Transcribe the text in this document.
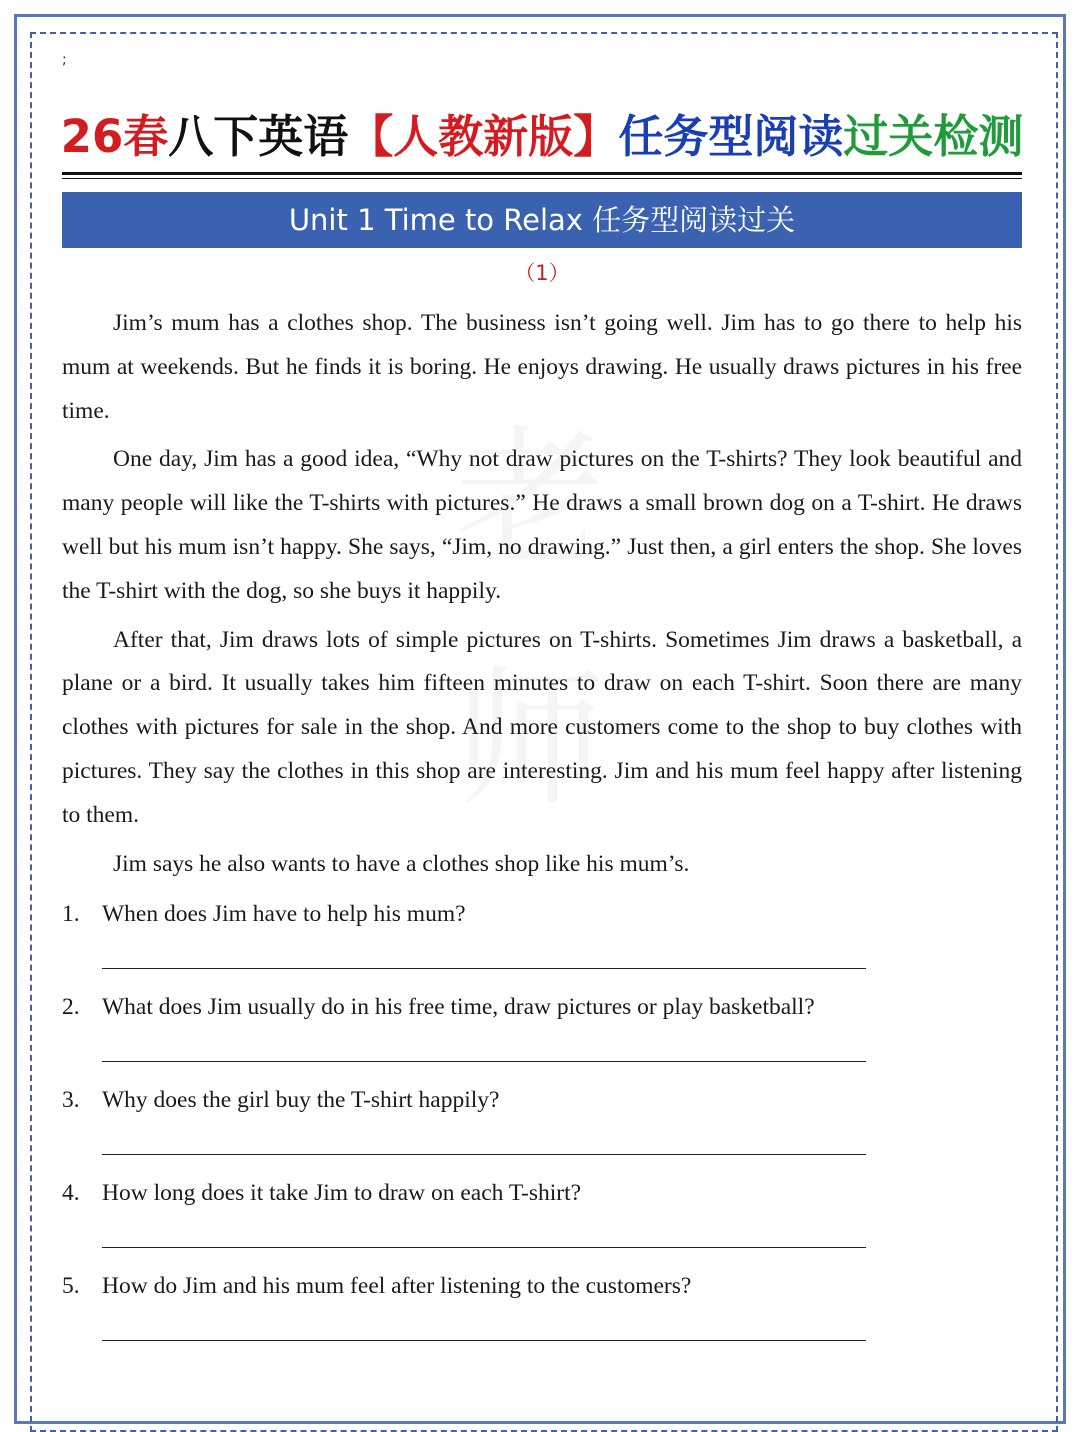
老
师
;
26春八下英语【人教新版】任务型阅读过关检测
Unit 1 Time to Relax 任务型阅读过关
（1）

Jim’s mum has a clothes shop. The business isn’t going well. Jim has to go there to help his mum at weekends. But he finds it is boring. He enjoys drawing. He usually draws pictures in his free time.

One day, Jim has a good idea, “Why not draw pictures on the T-shirts? They look beautiful and many people will like the T-shirts with pictures.” He draws a small brown dog on a T-shirt. He draws well but his mum isn’t happy. She says, “Jim, no drawing.” Just then, a girl enters the shop. She loves the T-shirt with the dog, so she buys it happily.

After that, Jim draws lots of simple pictures on T-shirts. Sometimes Jim draws a basketball, a plane or a bird. It usually takes him fifteen minutes to draw on each T-shirt. Soon there are many clothes with pictures for sale in the shop. And more customers come to the shop to buy clothes with pictures. They say the clothes in this shop are interesting. Jim and his mum feel happy after listening to them.

Jim says he also wants to have a clothes shop like his mum’s.

1. When does Jim have to help his mum?
2. What does Jim usually do in his free time, draw pictures or play basketball?
3. Why does the girl buy the T-shirt happily?
4. How long does it take Jim to draw on each T-shirt?
5. How do Jim and his mum feel after listening to the customers?
